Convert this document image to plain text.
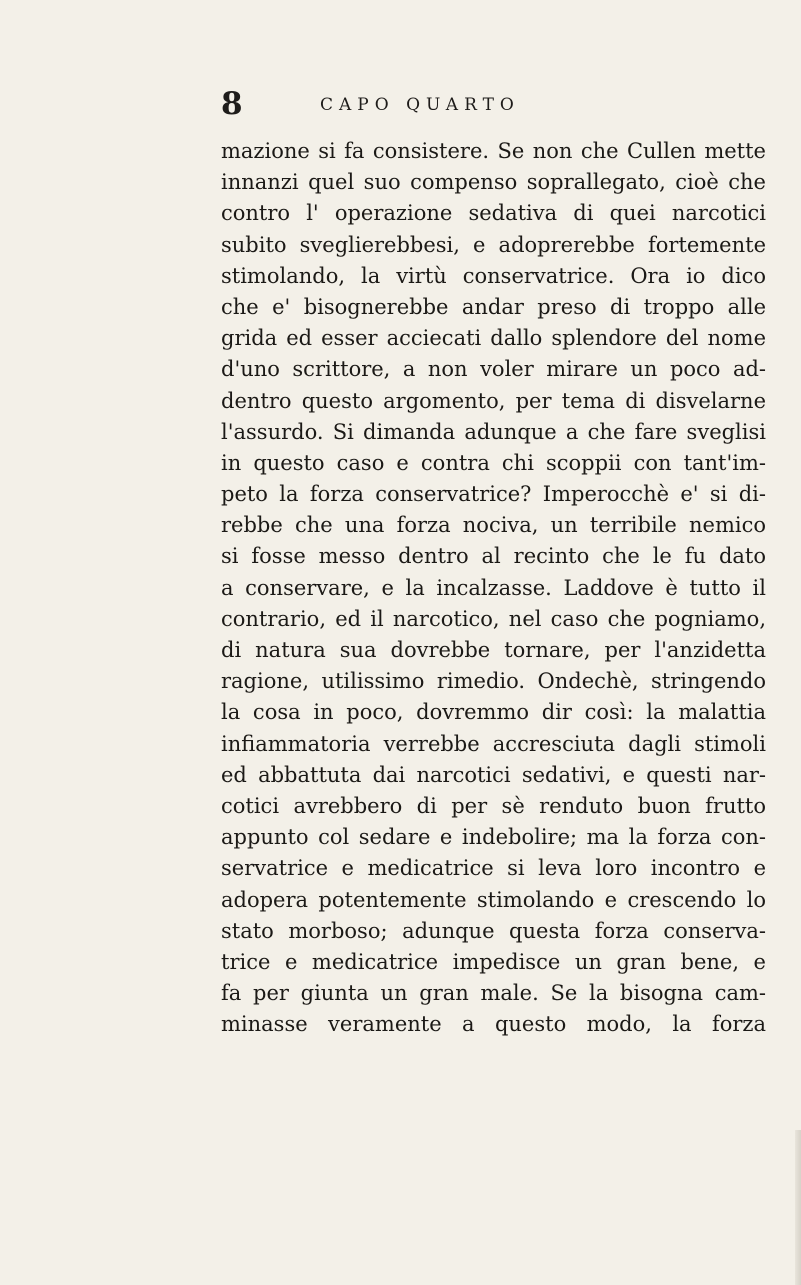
8	CAPO QUARTO
mazione si fa consistere. Se non che Cullen mette
innanzi quel suo compenso soprallegato, cioè che
contro l' operazione sedativa di quei narcotici
subito sveglierebbesi, e adoprerebbe fortemente
stimolando, la virtù conservatrice. Ora io dico
che e' bisognerebbe andar preso di troppo alle
grida ed esser acciecati dallo splendore del nome
d'uno scrittore, a non voler mirare un poco ad-
dentro questo argomento, per tema di disvelarne
l'assurdo. Si dimanda adunque a che fare sveglisi
in questo caso e contra chi scoppii con tant'im-
peto la forza conservatrice? Imperocchè e' si di-
rebbe che una forza nociva, un terribile nemico
si fosse messo dentro al recinto che le fu dato
a conservare, e la incalzasse. Laddove è tutto il
contrario, ed il narcotico, nel caso che pogniamo,
di natura sua dovrebbe tornare, per l'anzidetta
ragione, utilissimo rimedio. Ondechè, stringendo
la cosa in poco, dovremmo dir così: la malattia
infiammatoria verrebbe accresciuta dagli stimoli
ed abbattuta dai narcotici sedativi, e questi nar-
cotici avrebbero di per sè renduto buon frutto
appunto col sedare e indebolire; ma la forza con-
servatrice e medicatrice si leva loro incontro e
adopera potentemente stimolando e crescendo lo
stato morboso; adunque questa forza conserva-
trice e medicatrice impedisce un gran bene, e
fa per giunta un gran male. Se la bisogna cam-
minasse veramente a questo modo, la forza
